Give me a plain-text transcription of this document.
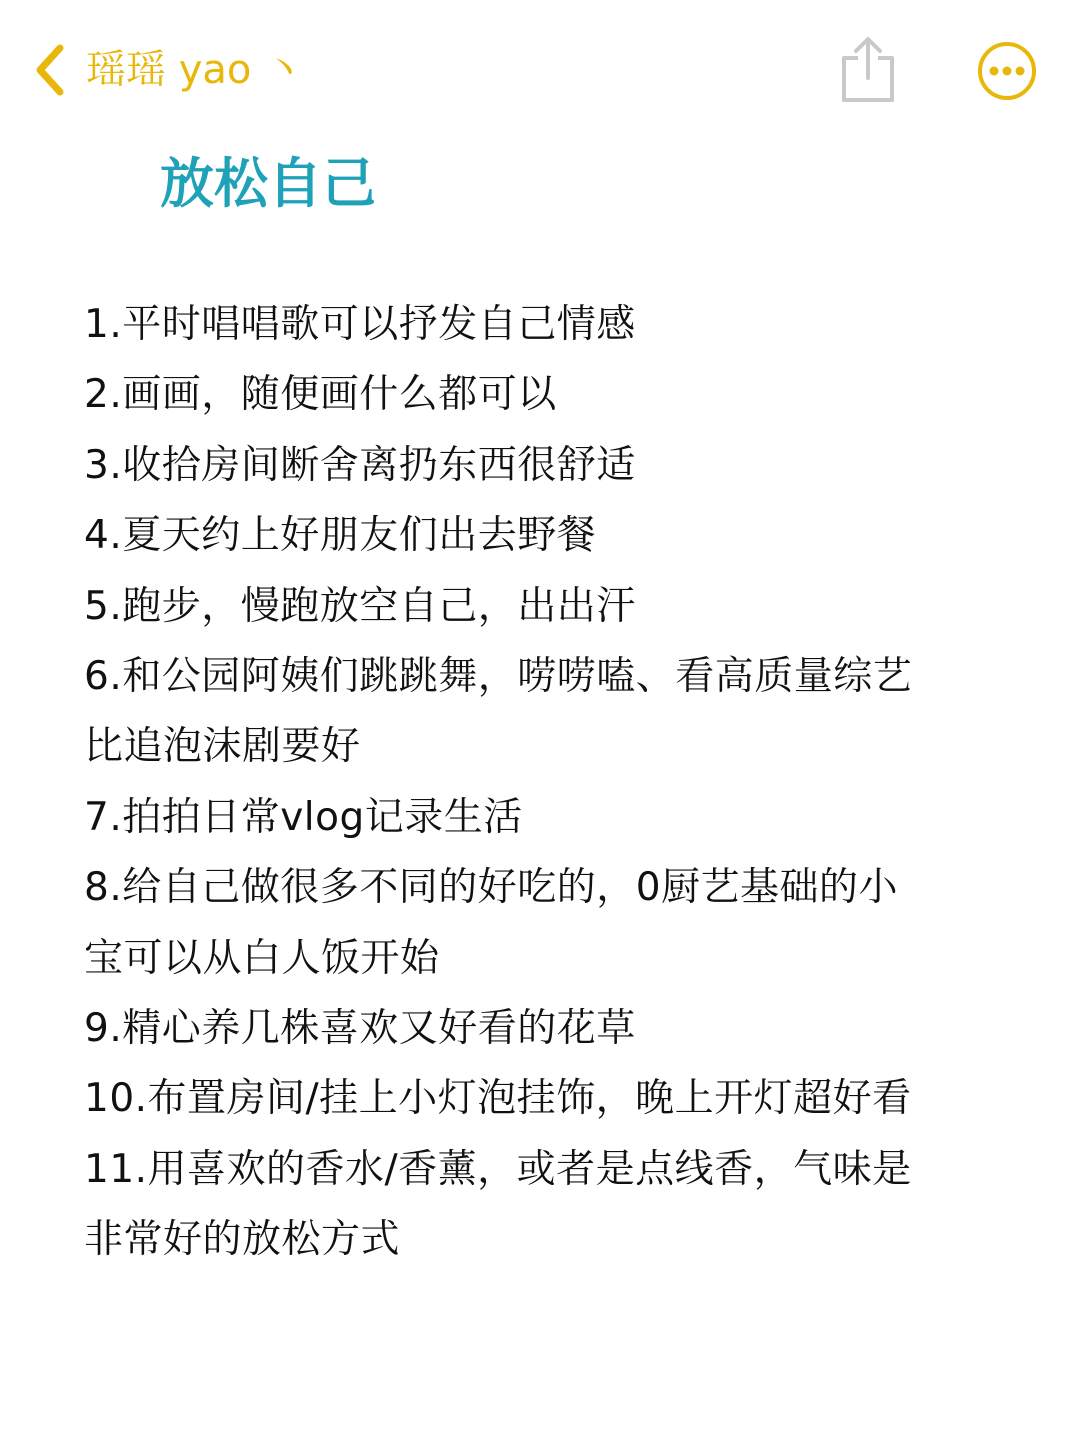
瑶瑶 yao 丶
放松自己
1.平时唱唱歌可以抒发自己情感
2.画画，随便画什么都可以
3.收拾房间断舍离扔东西很舒适
4.夏天约上好朋友们出去野餐
5.跑步，慢跑放空自己，出出汗
6.和公园阿姨们跳跳舞，唠唠嗑、看高质量综艺
比追泡沫剧要好
7.拍拍日常vlog记录生活
8.给自己做很多不同的好吃的，0厨艺基础的小
宝可以从白人饭开始
9.精心养几株喜欢又好看的花草
10.布置房间/挂上小灯泡挂饰，晚上开灯超好看
11.用喜欢的香水/香薰，或者是点线香，气味是
非常好的放松方式
